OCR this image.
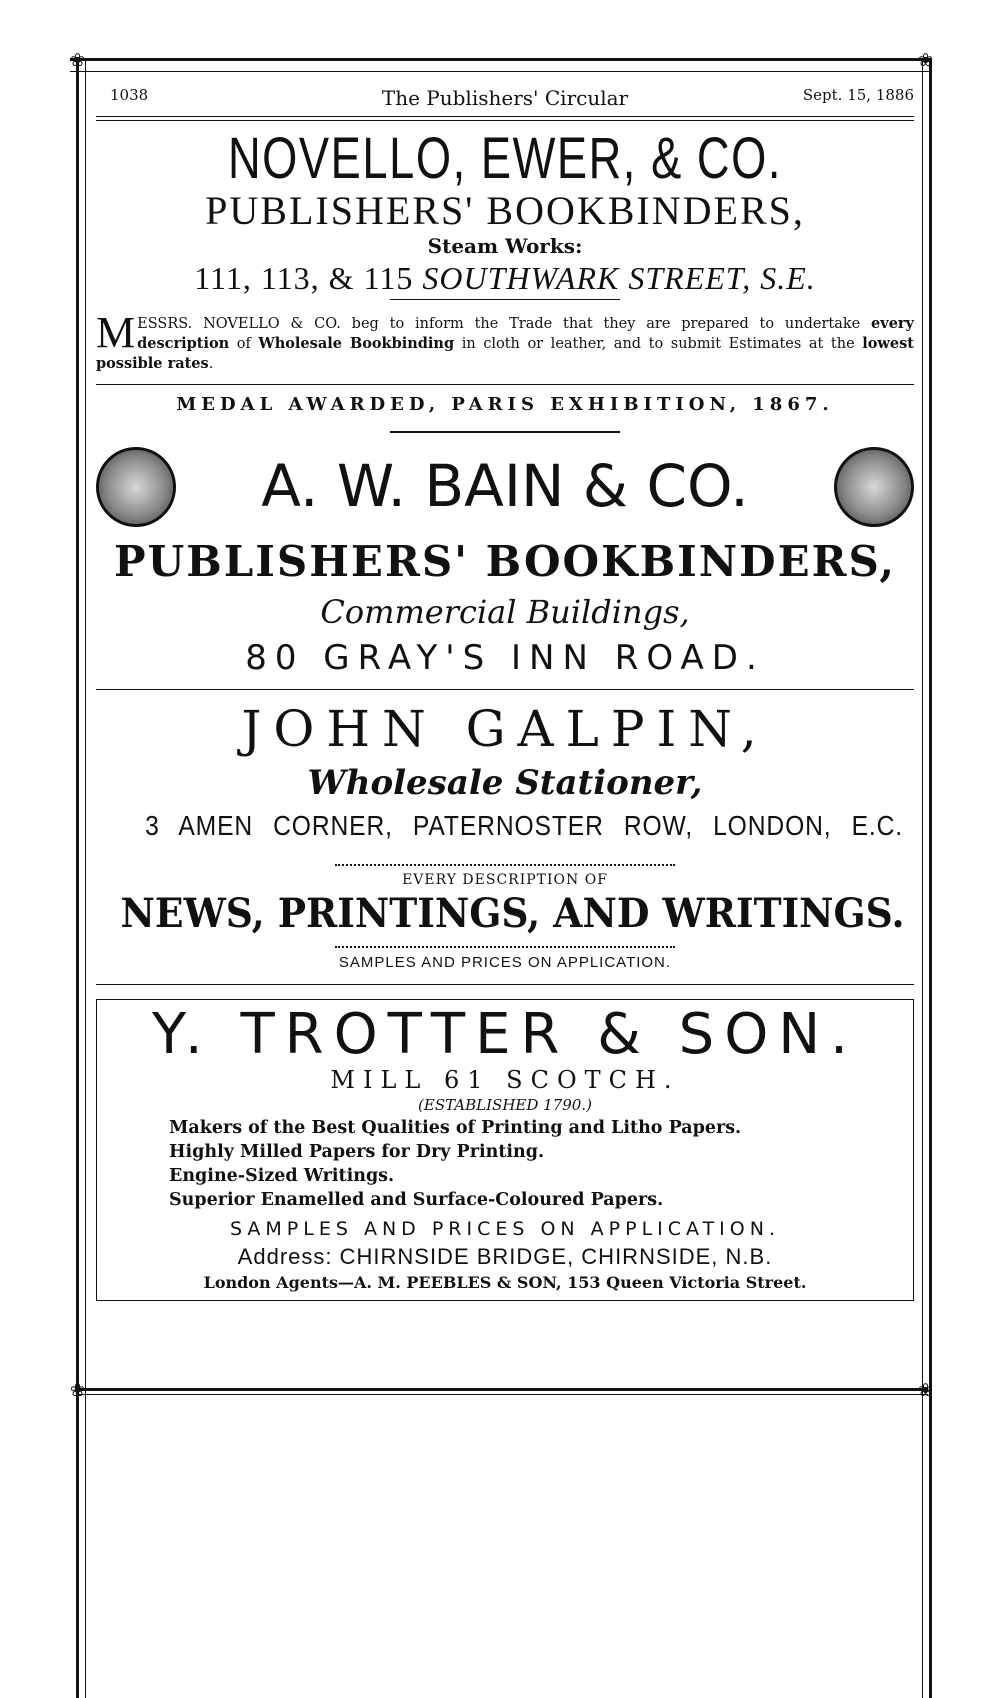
❀	❀
❀	❀
1038	The Publishers' Circular	Sept. 15, 1886
NOVELLO, EWER, & CO.
PUBLISHERS' BOOKBINDERS,
Steam Works:
111, 113, & 115 SOUTHWARK STREET, S.E.
MESSRS. NOVELLO & CO. beg to inform the Trade that they are prepared to undertake every description of Wholesale Bookbinding in cloth or leather, and to submit Estimates at the lowest possible rates.
MEDAL AWARDED, PARIS EXHIBITION, 1867.
A. W. BAIN & CO.
PUBLISHERS' BOOKBINDERS,
Commercial Buildings,
80 GRAY'S INN ROAD.
JOHN GALPIN,
Wholesale Stationer,
3 AMEN CORNER, PATERNOSTER ROW, LONDON, E.C.
EVERY DESCRIPTION OF
NEWS, PRINTINGS, AND WRITINGS.
SAMPLES AND PRICES ON APPLICATION.
Y. TROTTER & SON.
MILL 61 SCOTCH.
(ESTABLISHED 1790.)
Makers of the Best Qualities of Printing and Litho Papers.
Highly Milled Papers for Dry Printing.
Engine-Sized Writings.
Superior Enamelled and Surface-Coloured Papers.
SAMPLES AND PRICES ON APPLICATION.
Address: CHIRNSIDE BRIDGE, CHIRNSIDE, N.B.
London Agents—A. M. PEEBLES & SON, 153 Queen Victoria Street.
